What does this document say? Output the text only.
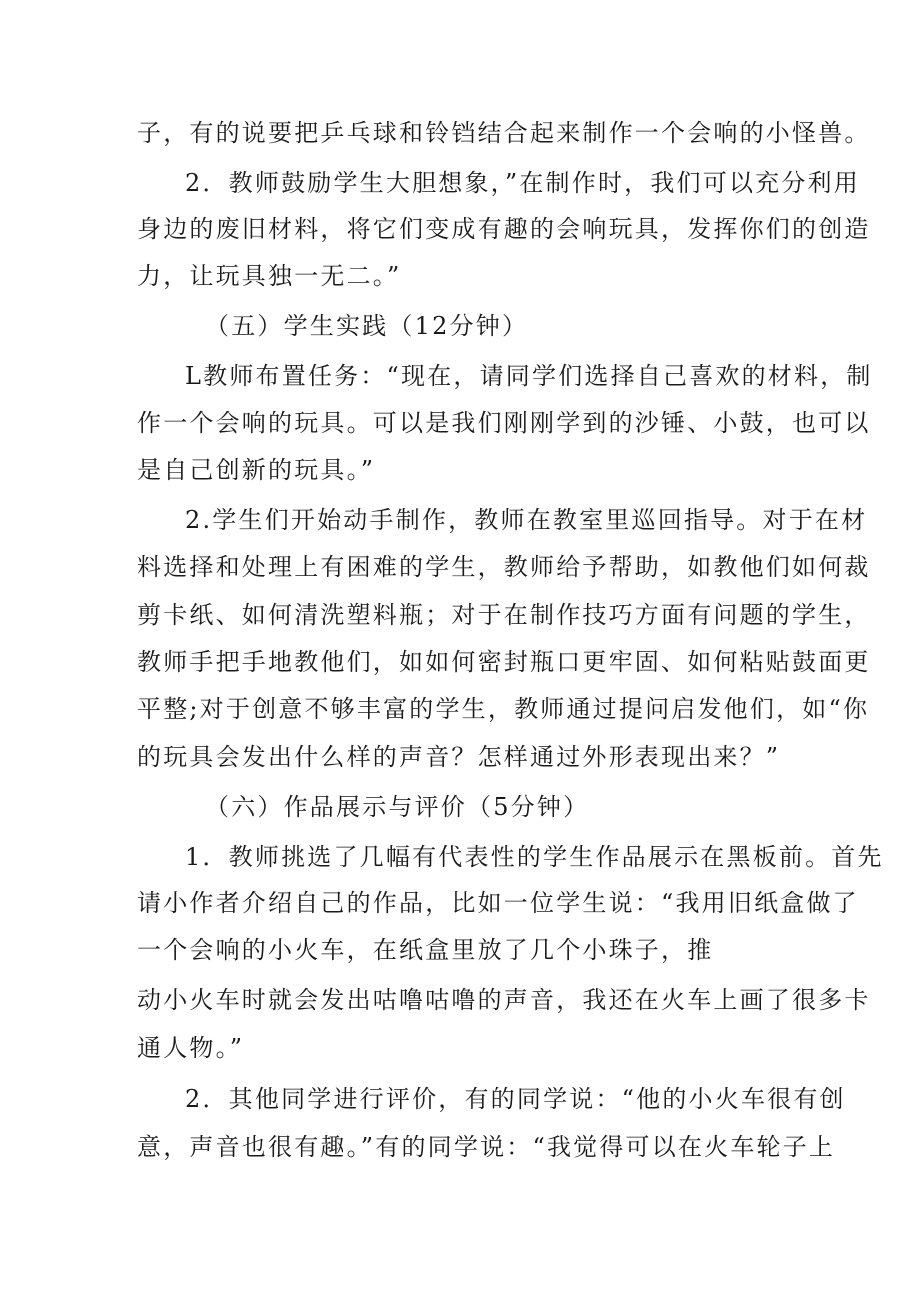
子，有的说要把乒乓球和铃铛结合起来制作一个会响的小怪兽。
2．教师鼓励学生大胆想象，”在制作时，我们可以充分利用
身边的废旧材料，将它们变成有趣的会响玩具，发挥你们的创造
力，让玩具独一无二。”
（五）学生实践（12分钟）
L教师布置任务：“现在，请同学们选择自己喜欢的材料，制
作一个会响的玩具。可以是我们刚刚学到的沙锤、小鼓，也可以
是自己创新的玩具。”
2.学生们开始动手制作，教师在教室里巡回指导。对于在材
料选择和处理上有困难的学生，教师给予帮助，如教他们如何裁
剪卡纸、如何清洗塑料瓶；对于在制作技巧方面有问题的学生，
教师手把手地教他们，如如何密封瓶口更牢固、如何粘贴鼓面更
平整;对于创意不够丰富的学生，教师通过提问启发他们，如“你
的玩具会发出什么样的声音？怎样通过外形表现出来？”
（六）作品展示与评价（5分钟）
1．教师挑选了几幅有代表性的学生作品展示在黑板前。首先
请小作者介绍自己的作品，比如一位学生说：“我用旧纸盒做了
一个会响的小火车，在纸盒里放了几个小珠子，推
动小火车时就会发出咕噜咕噜的声音，我还在火车上画了很多卡
通人物。”
2．其他同学进行评价，有的同学说：“他的小火车很有创
意，声音也很有趣。”有的同学说：“我觉得可以在火车轮子上
